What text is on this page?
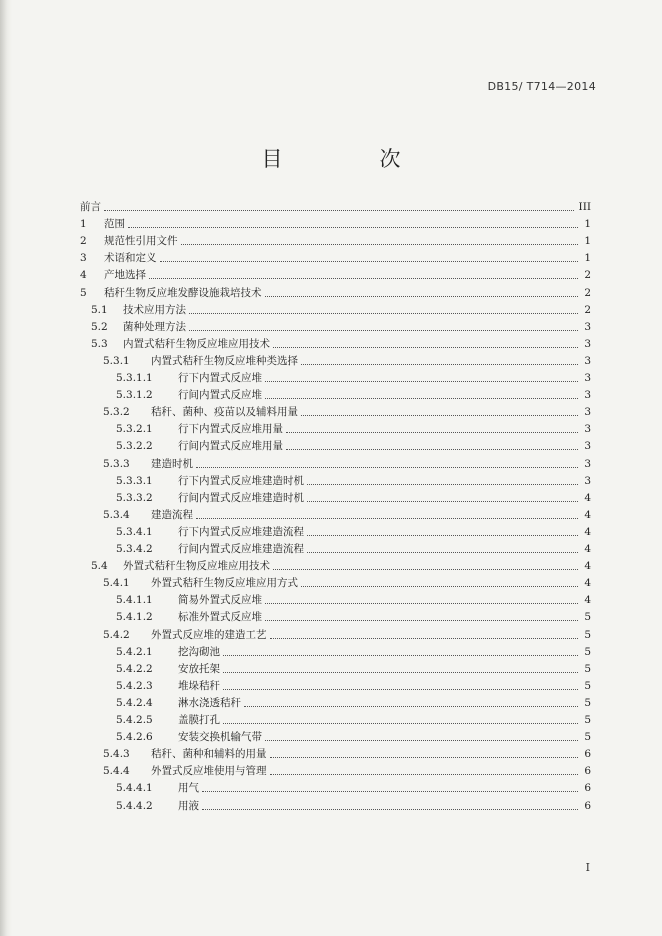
DB15/ T714—2014
目　次
前言	III
1	范围	1
2	规范性引用文件	1
3	术语和定义	1
4	产地选择	2
5	秸秆生物反应堆发酵设施栽培技术	2
5.1	技术应用方法	2
5.2	菌种处理方法	3
5.3	内置式秸秆生物反应堆应用技术	3
5.3.1	内置式秸秆生物反应堆种类选择	3
5.3.1.1	行下内置式反应堆	3
5.3.1.2	行间内置式反应堆	3
5.3.2	秸秆、菌种、疫苗以及辅料用量	3
5.3.2.1	行下内置式反应堆用量	3
5.3.2.2	行间内置式反应堆用量	3
5.3.3	建造时机	3
5.3.3.1	行下内置式反应堆建造时机	3
5.3.3.2	行间内置式反应堆建造时机	4
5.3.4	建造流程	4
5.3.4.1	行下内置式反应堆建造流程	4
5.3.4.2	行间内置式反应堆建造流程	4
5.4	外置式秸秆生物反应堆应用技术	4
5.4.1	外置式秸秆生物反应堆应用方式	4
5.4.1.1	简易外置式反应堆	4
5.4.1.2	标准外置式反应堆	5
5.4.2	外置式反应堆的建造工艺	5
5.4.2.1	挖沟砌池	5
5.4.2.2	安放托架	5
5.4.2.3	堆垛秸秆	5
5.4.2.4	淋水浇透秸秆	5
5.4.2.5	盖膜打孔	5
5.4.2.6	安装交换机输气带	5
5.4.3	秸秆、菌种和辅料的用量	6
5.4.4	外置式反应堆使用与管理	6
5.4.4.1	用气	6
5.4.4.2	用液	6
I
